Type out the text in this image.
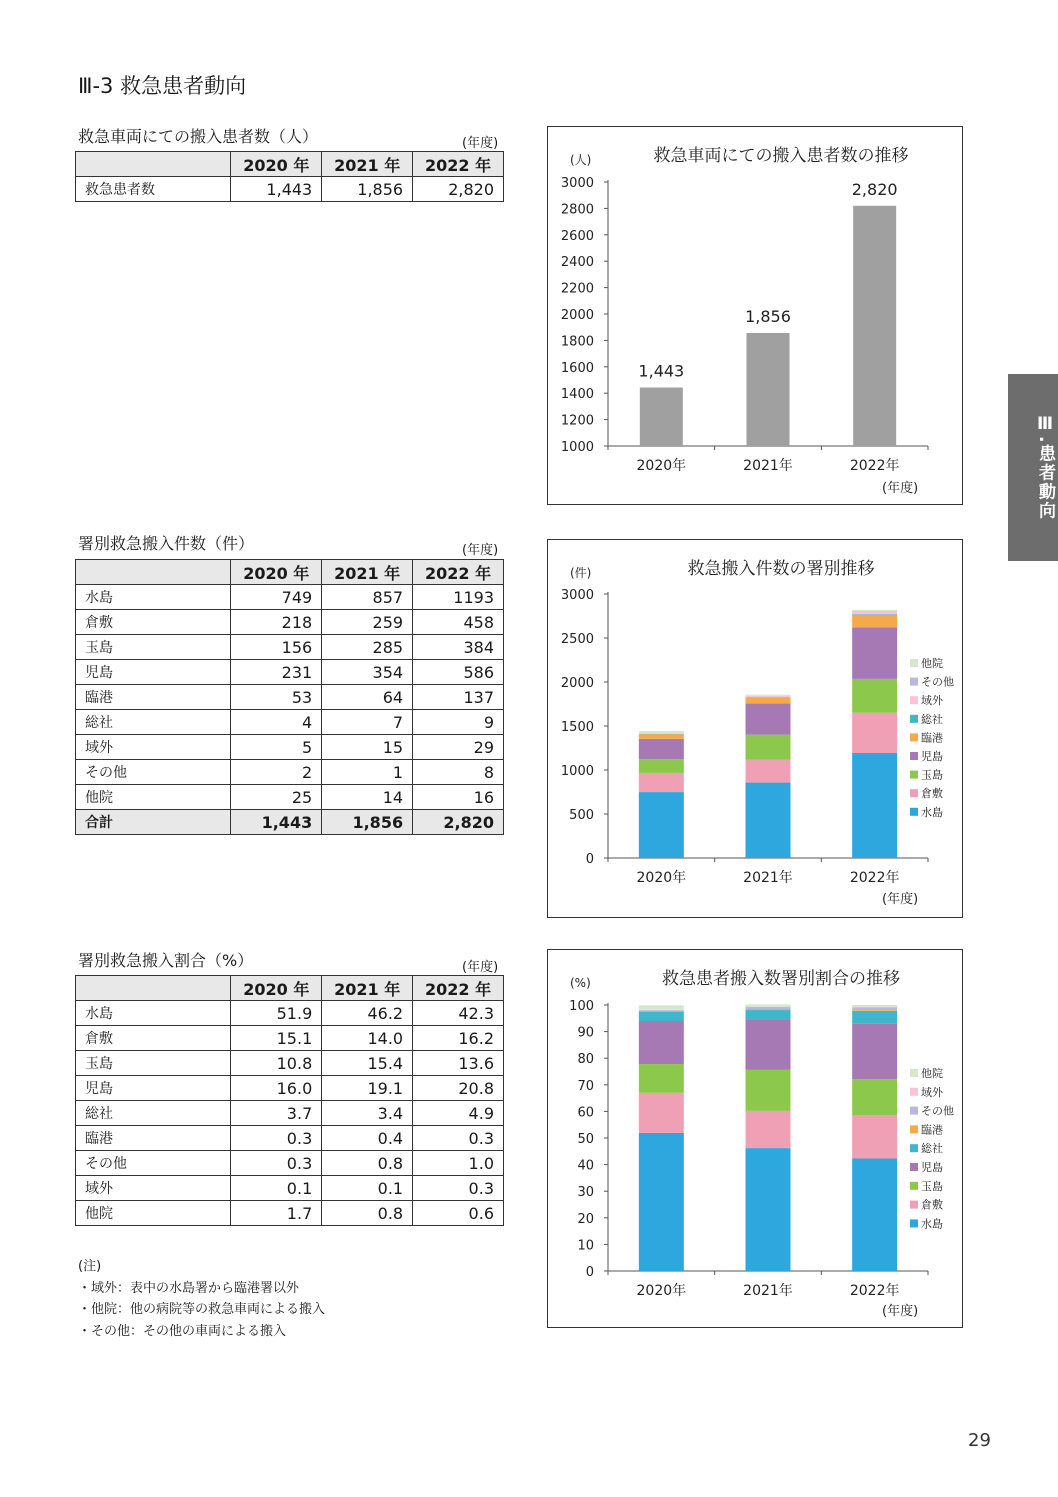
Ⅲ-3 救急患者動向
Ⅲ.患者動向
救急車両にての搬入患者数（人）	(年度)
	2020 年	2021 年	2022 年
救急患者数	1,443	1,856	2,820
署別救急搬入件数（件）	(年度)
	2020 年	2021 年	2022 年
水島	749	857	1193
倉敷	218	259	458
玉島	156	285	384
児島	231	354	586
臨港	53	64	137
総社	4	7	9
域外	5	15	29
その他	2	1	8
他院	25	14	16
合計	1,443	1,856	2,820
署別救急搬入割合（%）	(年度)
	2020 年	2021 年	2022 年
水島	51.9	46.2	42.3
倉敷	15.1	14.0	16.2
玉島	10.8	15.4	13.6
児島	16.0	19.1	20.8
総社	3.7	3.4	4.9
臨港	0.3	0.4	0.3
その他	0.3	0.8	1.0
域外	0.1	0.1	0.3
他院	1.7	0.8	0.6
(注)
・域外：表中の水島署から臨港署以外
・他院：他の病院等の救急車両による搬入
・その他：その他の車両による搬入
救急車両にての搬入患者数の推移
(人)
(年度)
1000
1200
1400
1600
1800
2000
2200
2400
2600
2800
3000
2020年	2021年	2022年
1,443
1,856
2,820
救急搬入件数の署別推移
(件)
(年度)
0
500
1000
1500
2000
2500
3000
2020年	2021年	2022年
他院
その他
域外
総社
臨港
児島
玉島
倉敷
水島
救急患者搬入数署別割合の推移
(%)
(年度)
0
10
20
30
40
50
60
70
80
90
100
2020年	2021年	2022年
他院
域外
その他
臨港
総社
児島
玉島
倉敷
水島
29
